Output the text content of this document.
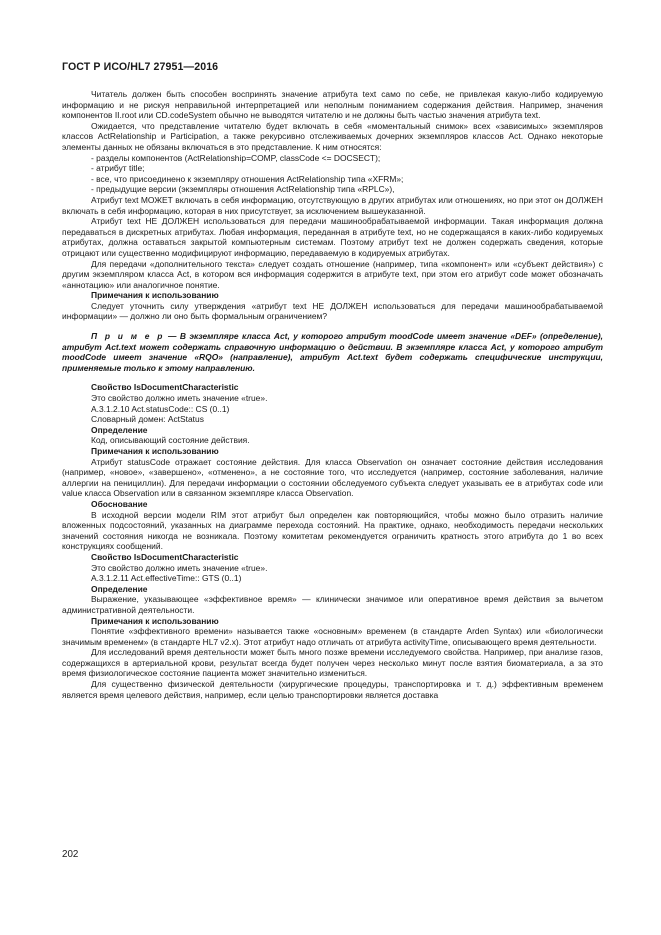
ГОСТ Р ИСО/HL7 27951—2016

Читатель должен быть способен воспринять значение атрибута text само по себе, не привлекая какую-либо кодируемую информацию и не рискуя неправильной интерпретацией или неполным пониманием содержания действия. Например, значения компонентов II.root или CD.codeSystem обычно не выводятся читателю и не должны быть частью значения атрибута text.

Ожидается, что представление читателю будет включать в себя «моментальный снимок» всех «зависимых» экземпляров классов ActRelationship и Participation, а также рекурсивно отслеживаемых дочерних экземпляров классов Act. Однако некоторые элементы данных не обязаны включаться в это представление. К ним относятся:

- разделы компонентов (ActRelationship=COMP, classCode <= DOCSECT);

- атрибут title;

- все, что присоединено к экземпляру отношения ActRelationship типа «XFRM»;

- предыдущие версии (экземпляры отношения ActRelationship типа «RPLC»),

Атрибут text МОЖЕТ включать в себя информацию, отсутствующую в других атрибутах или отношениях, но при этот он ДОЛЖЕН включать в себя информацию, которая в них присутствует, за исключением вышеуказанной.

Атрибут text НЕ ДОЛЖЕН использоваться для передачи машинообрабатываемой информации. Такая информация должна передаваться в дискретных атрибутах. Любая информация, переданная в атрибуте text, но не содержащаяся в каких-либо кодируемых атрибутах, должна оставаться закрытой компьютерным системам. Поэтому атрибут text не должен содержать сведения, которые отрицают или существенно модифицируют информацию, передаваемую в кодируемых атрибутах.

Для передачи «дополнительного текста» следует создать отношение (например, типа «компонент» или «субъект действия») с другим экземпляром класса Act, в котором вся информация содержится в атрибуте text, при этом его атрибут code может обозначать «аннотацию» или аналогичное понятие.

Примечания к использованию

Следует уточнить силу утверждения «атрибут text НЕ ДОЛЖЕН использоваться для передачи машинообрабатываемой информации» — должно ли оно быть формальным ограничением?

П р и м е р — В экземпляре класса Act, у которого атрибут moodCode имеет значение «DEF» (определение), атрибут Act.text может содержать справочную информацию о действии. В экземпляре класса Act, у которого атрибут moodCode имеет значение «RQO» (направление), атрибут Act.text будет содержать специфические инструкции, применяемые только к этому направлению.

Свойство IsDocumentCharacteristic

Это свойство должно иметь значение «true».

A.3.1.2.10 Act.statusCode:: CS (0..1)

Словарный домен: ActStatus

Определение

Код, описывающий состояние действия.

Примечания к использованию

Атрибут statusCode отражает состояние действия. Для класса Observation он означает состояние действия исследования (например, «новое», «завершено», «отменено», а не состояние того, что исследуется (например, состояние заболевания, наличие аллергии на пенициллин). Для передачи информации о состоянии обследуемого субъекта следует указывать ее в атрибутах code или value класса Observation или в связанном экземпляре класса Observation.

Обоснование

В исходной версии модели RIM этот атрибут был определен как повторяющийся, чтобы можно было отразить наличие вложенных подсостояний, указанных на диаграмме перехода состояний. На практике, однако, необходимость передачи нескольких значений состояния никогда не возникала. Поэтому комитетам рекомендуется ограничить кратность этого атрибута до 1 во всех конструкциях сообщений.

Свойство IsDocumentCharacteristic

Это свойство должно иметь значение «true».

A.3.1.2.11 Act.effectiveTime:: GTS (0..1)

Определение

Выражение, указывающее «эффективное время» — клинически значимое или оперативное время действия за вычетом административной деятельности.

Примечания к использованию

Понятие «эффективного времени» называется также «основным» временем (в стандарте Arden Syntax) или «биологически значимым временем» (в стандарте HL7 v2.x). Этот атрибут надо отличать от атрибута activityTime, описывающего время деятельности.

Для исследований время деятельности может быть много позже времени исследуемого свойства. Например, при анализе газов, содержащихся в артериальной крови, результат всегда будет получен через несколько минут после взятия биоматериала, а за это время физиологическое состояние пациента может значительно измениться.

Для существенно физической деятельности (хирургические процедуры, транспортировка и т. д.) эффективным временем является время целевого действия, например, если целью транспортировки является доставка

202
